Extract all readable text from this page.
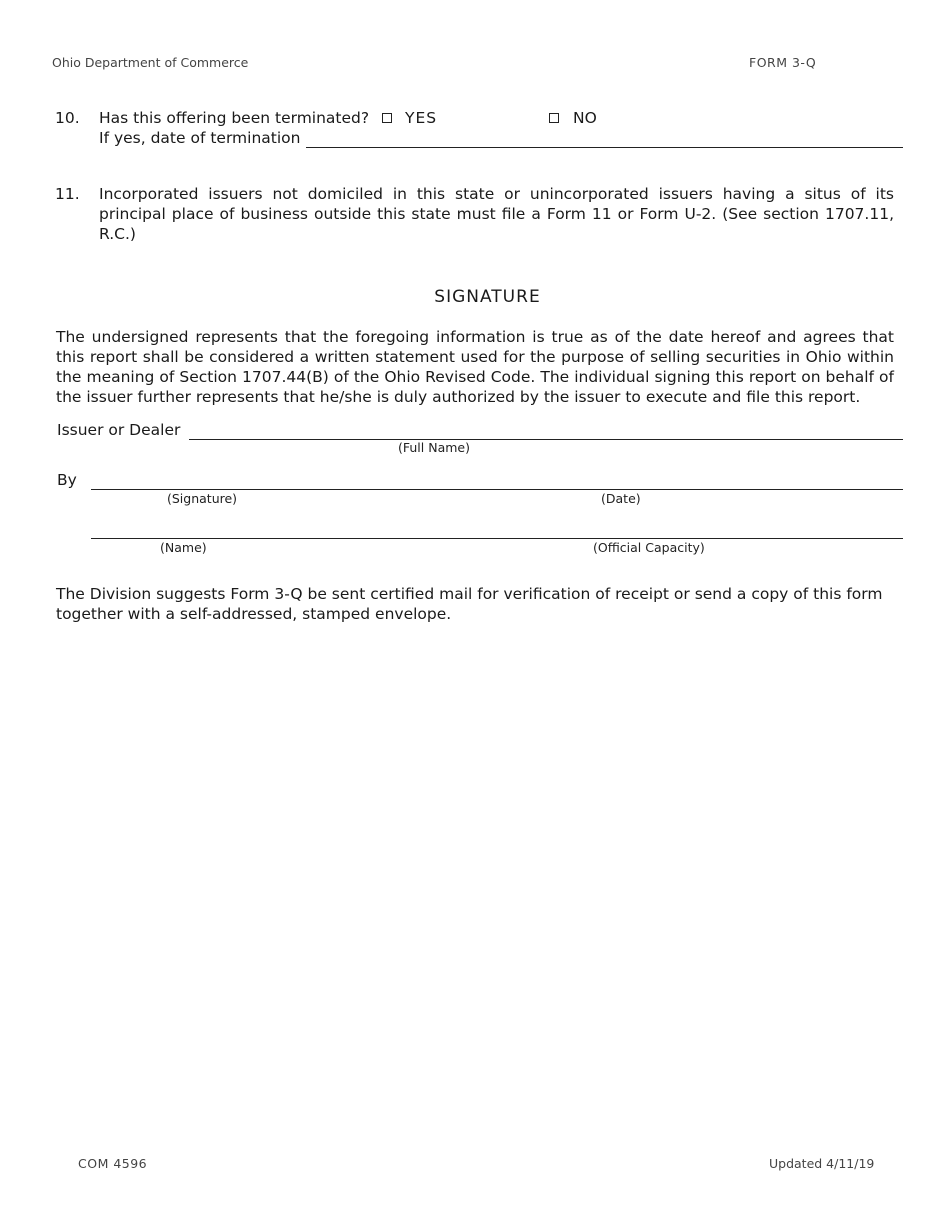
Ohio Department of Commerce	FORM 3-Q
10. Has this offering been terminated? YES	NO
If yes, date of termination
11. Incorporated issuers not domiciled in this state or unincorporated issuers having a situs of its principal place of business outside this state must file a Form 11 or Form U-2. (See section 1707.11, R.C.)
SIGNATURE
The undersigned represents that the foregoing information is true as of the date hereof and agrees that this report shall be considered a written statement used for the purpose of selling securities in Ohio within the meaning of Section 1707.44(B) of the Ohio Revised Code. The individual signing this report on behalf of the issuer further represents that he/she is duly authorized by the issuer to execute and file this report.
Issuer or Dealer
(Full Name)
By
(Signature)	(Date)
(Name)	(Official Capacity)
The Division suggests Form 3-Q be sent certified mail for verification of receipt or send a copy of this form together with a self-addressed, stamped envelope.
COM 4596	Updated 4/11/19
